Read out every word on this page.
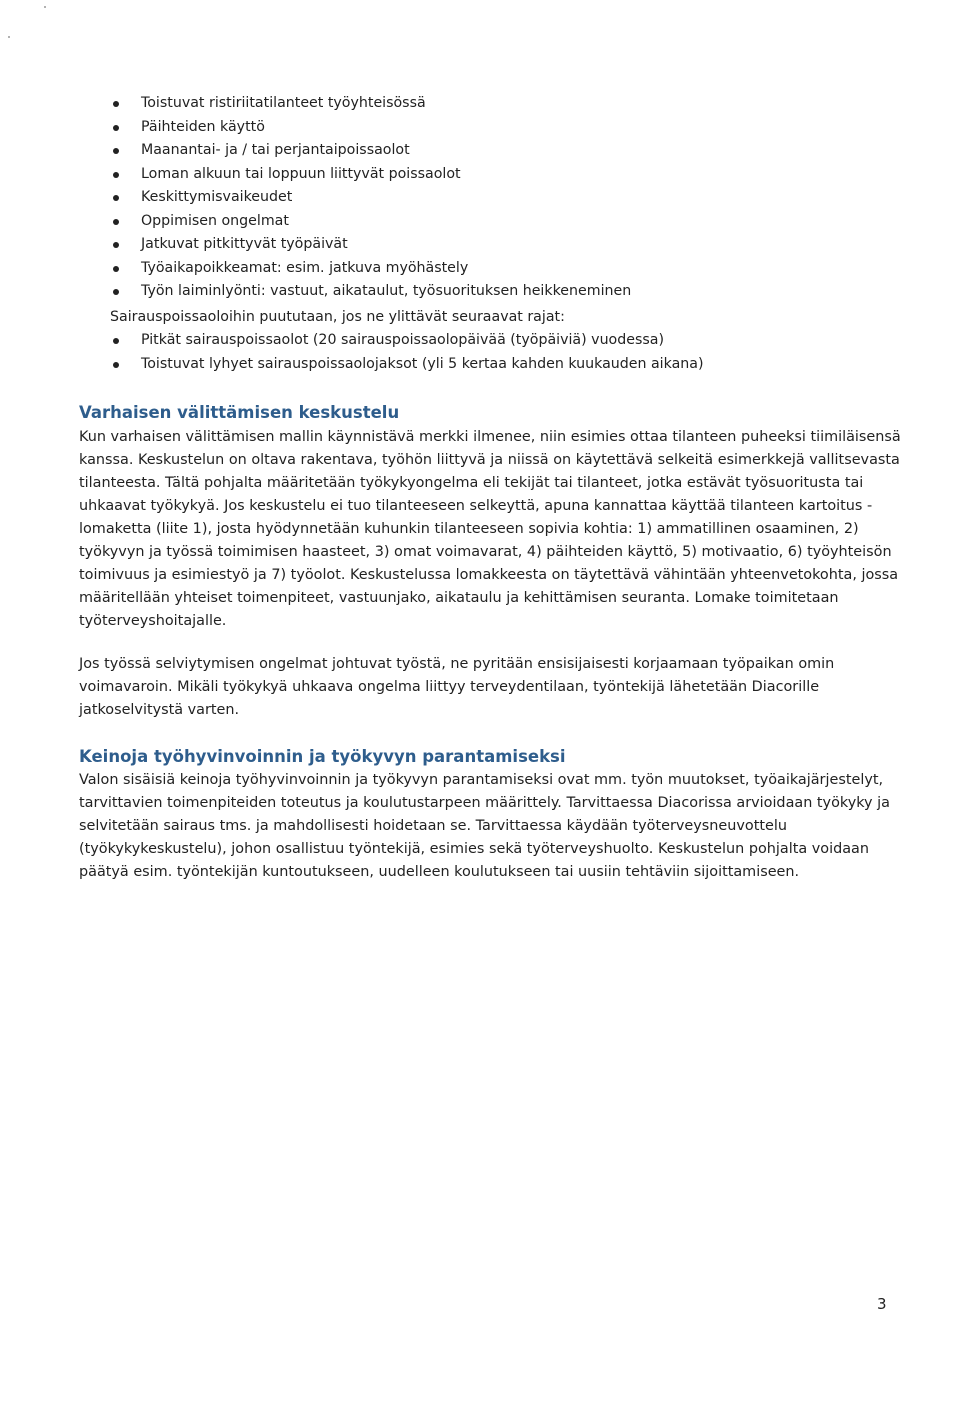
Toistuvat ristiriitatilanteet työyhteisössä
Päihteiden käyttö
Maanantai- ja / tai perjantaipoissaolot
Loman alkuun tai loppuun liittyvät poissaolot
Keskittymisvaikeudet
Oppimisen ongelmat
Jatkuvat pitkittyvät työpäivät
Työaikapoikkeamat: esim. jatkuva myöhästely
Työn laiminlyönti: vastuut, aikataulut, työsuorituksen heikkeneminen

Sairauspoissaoloihin puututaan, jos ne ylittävät seuraavat rajat:

Pitkät sairauspoissaolot (20 sairauspoissaolopäivää (työpäiviä) vuodessa)
Toistuvat lyhyet sairauspoissaolojaksot (yli 5 kertaa kahden kuukauden aikana)
Varhaisen välittämisen keskustelu

Kun varhaisen välittämisen mallin käynnistävä merkki ilmenee, niin esimies ottaa tilanteen puheeksi tiimiläisensä kanssa. Keskustelun on oltava rakentava, työhön liittyvä ja niissä on käytettävä selkeitä esimerkkejä vallitsevasta tilanteesta. Tältä pohjalta määritetään työkykyongelma eli tekijät tai tilanteet, jotka estävät työsuoritusta tai uhkaavat työkykyä. Jos keskustelu ei tuo tilanteeseen selkeyttä, apuna kannattaa käyttää tilanteen kartoitus -lomaketta (liite 1), josta hyödynnetään kuhunkin tilanteeseen sopivia kohtia: 1) ammatillinen osaaminen, 2) työkyvyn ja työssä toimimisen haasteet, 3) omat voimavarat, 4) päihteiden käyttö, 5) motivaatio, 6) työyhteisön toimivuus ja esimiestyö ja 7) työolot. Keskustelussa lomakkeesta on täytettävä vähintään yhteenvetokohta, jossa määritellään yhteiset toimenpiteet, vastuunjako, aikataulu ja kehittämisen seuranta. Lomake toimitetaan työterveyshoitajalle.

Jos työssä selviytymisen ongelmat johtuvat työstä, ne pyritään ensisijaisesti korjaamaan työpaikan omin voimavaroin. Mikäli työkykyä uhkaava ongelma liittyy terveydentilaan, työntekijä lähetetään Diacorille jatkoselvitystä varten.

Keinoja työhyvinvoinnin ja työkyvyn parantamiseksi

Valon sisäisiä keinoja työhyvinvoinnin ja työkyvyn parantamiseksi ovat mm. työn muutokset, työaikajärjestelyt, tarvittavien toimenpiteiden toteutus ja koulutustarpeen määrittely. Tarvittaessa Diacorissa arvioidaan työkyky ja selvitetään sairaus tms. ja mahdollisesti hoidetaan se. Tarvittaessa käydään työterveysneuvottelu (työkykykeskustelu), johon osallistuu työntekijä, esimies sekä työterveyshuolto. Keskustelun pohjalta voidaan päätyä esim. työntekijän kuntoutukseen, uudelleen koulutukseen tai uusiin tehtäviin sijoittamiseen.

3
